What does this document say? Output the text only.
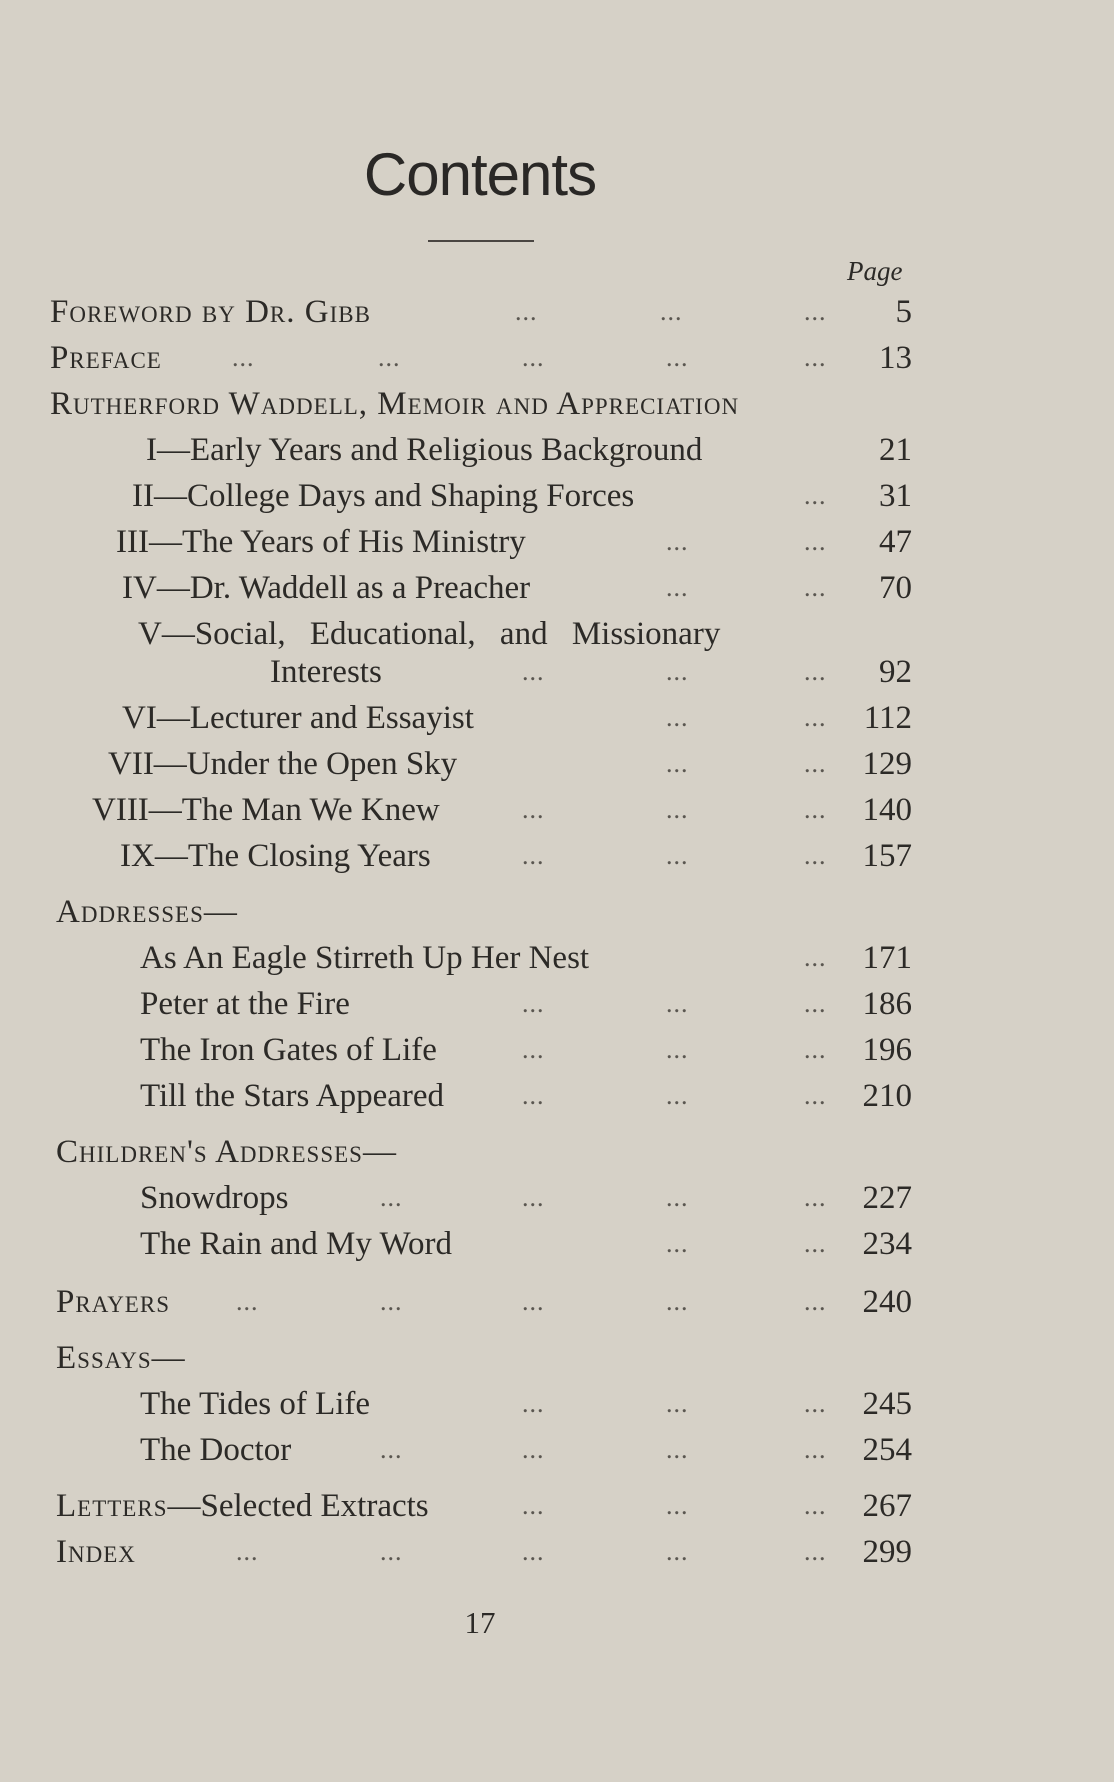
Contents
Page
Foreword by Dr. Gibb	...	...	... 5
Preface	...	...	...	...	... 13
Rutherford Waddell, Memoir and Appreciation
I—Early Years and Religious Background	21
II—College Days and Shaping Forces	... 31
III—The Years of His Ministry	...	... 47
IV—Dr. Waddell as a Preacher	...	... 70
V—Social, Educational, and Missionary
Interests	...	...	... 92
VI—Lecturer and Essayist	...	... 112
VII—Under the Open Sky	...	... 129
VIII—The Man We Knew	...	...	... 140
IX—The Closing Years	...	...	... 157
Addresses—
As An Eagle Stirreth Up Her Nest	... 171
Peter at the Fire	...	...	... 186
The Iron Gates of Life	...	...	... 196
Till the Stars Appeared	...	...	... 210
Children's Addresses—
Snowdrops	...	...	...	... 227
The Rain and My Word	...	... 234
Prayers	...	...	...	...	... 240
Essays—
The Tides of Life	...	...	... 245
The Doctor	...	...	...	... 254
Letters—Selected Extracts	...	...	... 267
Index	...	...	...	...	... 299
17
